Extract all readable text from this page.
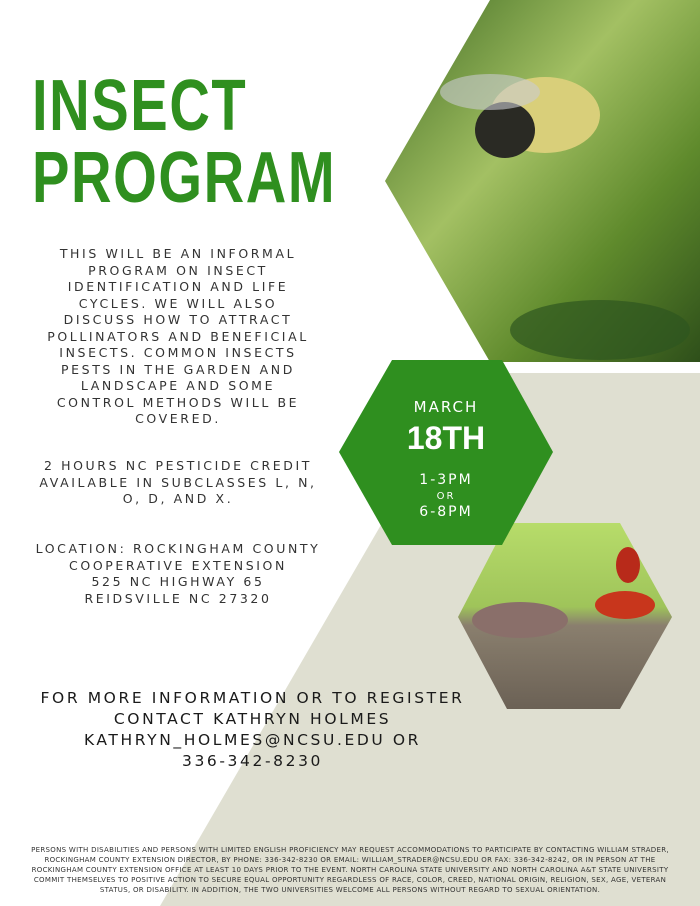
INSECT
PROGRAM
THIS WILL BE AN INFORMAL
PROGRAM ON INSECT
IDENTIFICATION AND LIFE
CYCLES. WE WILL ALSO
DISCUSS HOW TO ATTRACT
POLLINATORS AND BENEFICIAL
INSECTS. COMMON INSECTS
PESTS IN THE GARDEN AND
LANDSCAPE AND SOME
CONTROL METHODS WILL BE
COVERED.
2 HOURS NC PESTICIDE CREDIT
AVAILABLE IN SUBCLASSES L, N,
O, D, AND X.
LOCATION: ROCKINGHAM COUNTY
COOPERATIVE EXTENSION
525 NC HIGHWAY 65
REIDSVILLE NC 27320
MARCH
18TH
1-3PM
OR
6-8PM
FOR MORE INFORMATION OR TO REGISTER
CONTACT KATHRYN HOLMES
KATHRYN_HOLMES@NCSU.EDU OR
336-342-8230
PERSONS WITH DISABILITIES AND PERSONS WITH LIMITED ENGLISH PROFICIENCY MAY REQUEST ACCOMMODATIONS TO PARTICIPATE BY CONTACTING WILLIAM STRADER, ROCKINGHAM COUNTY EXTENSION DIRECTOR, BY PHONE: 336-342-8230 OR EMAIL: WILLIAM_STRADER@NCSU.EDU OR FAX: 336-342-8242, OR IN PERSON AT THE ROCKINGHAM COUNTY EXTENSION OFFICE AT LEAST 10 DAYS PRIOR TO THE EVENT. NORTH CAROLINA STATE UNIVERSITY AND NORTH CAROLINA A&T STATE UNIVERSITY COMMIT THEMSELVES TO POSITIVE ACTION TO SECURE EQUAL OPPORTUNITY REGARDLESS OF RACE, COLOR, CREED, NATIONAL ORIGIN, RELIGION, SEX, AGE, VETERAN STATUS, OR DISABILITY. IN ADDITION, THE TWO UNIVERSITIES WELCOME ALL PERSONS WITHOUT REGARD TO SEXUAL ORIENTATION.
